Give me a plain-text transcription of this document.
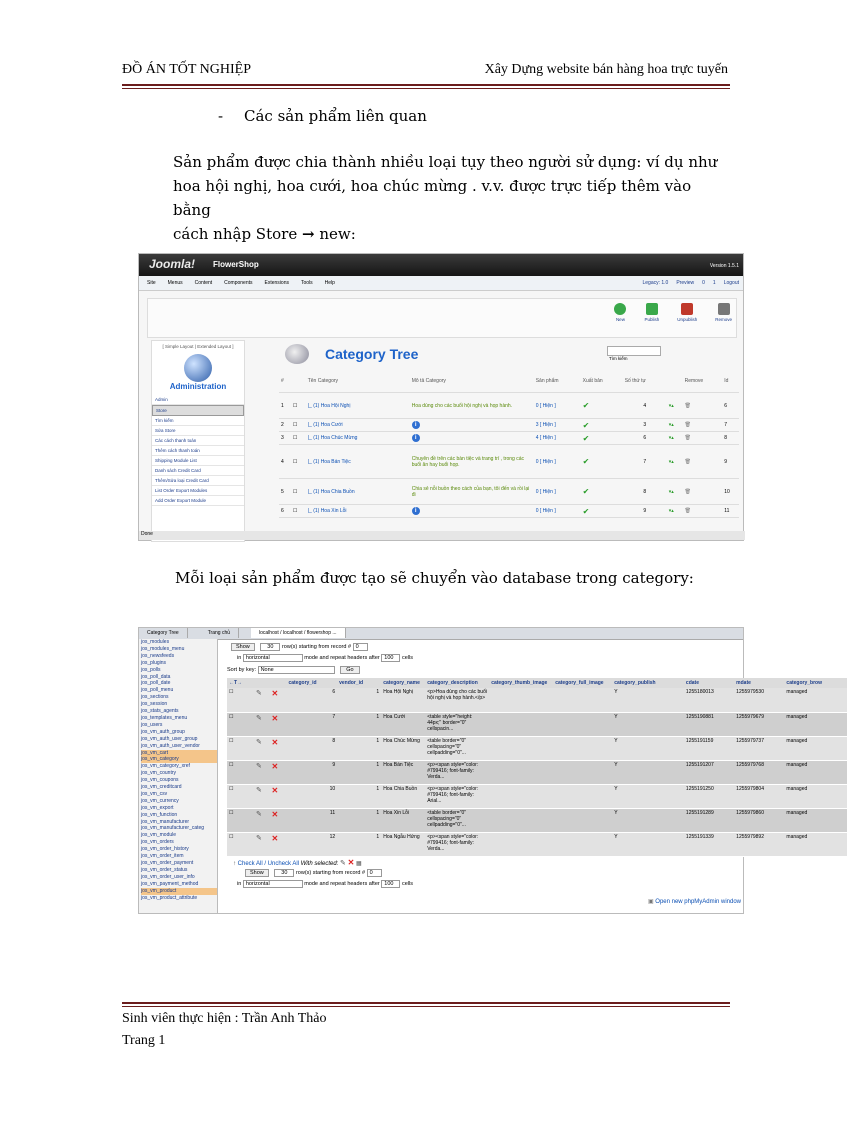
ĐỒ ÁN TỐT NGHIỆP	Xây Dựng website bán hàng hoa trực tuyến
- Các sản phẩm liên quan
Sản phẩm được chia thành nhiều loại tụy theo người sử dụng: ví dụ như
hoa hội nghị, hoa cưới, hoa chúc mừng . v.v. được trực tiếp thêm vào bằng
cách nhập Store → new:
Joomla! FlowerShop	Version 1.5.1
Site Menus Content Components Extensions Tools Help	Legacy: 1.0 Preview 0 1 Logout
New	Publish	Unpublish	Remove
[ Simple Layout | Extended Layout ]
Administration
Admin
Store
Tìm kiếm
Sửa Store
Các cách thanh toán
Thêm cách thanh toán
Shipping Module List
Danh sách Credit Card
Thêm/Sửa loại Credit Card
List Order Export Modules
Add Order Export Module
Category Tree	Tìm kiếm
#		Tên Category	Mô tả Category	Sản phẩm	Xuất bản	Số thứ tự		Remove	Id
1	☐	|_ (1) Hoa Hội Nghị	Hoa dùng cho các buổi hội nghị và họp hành.	0 [ Hiện ]	✔	4	▾▴	🗑	6
2	☐	|_ (1) Hoa Cưới	i	3 [ Hiện ]	✔	3	▾▴	🗑	7
3	☐	|_ (1) Hoa Chúc Mừng	i	4 [ Hiện ]	✔	6	▾▴	🗑	8
4	☐	|_ (1) Hoa Bán Tiệc	Chuyên đề trên các bàn tiệc và trang trí , trong các buổi ăn hay buổi họp.	0 [ Hiện ]	✔	7	▾▴	🗑	9
5	☐	|_ (1) Hoa Chia Buồn	Chia sẻ nỗi buồn theo cách của bạn, tôi đến và rồi lại đi	0 [ Hiện ]	✔	8	▾▴	🗑	10
6	☐	|_ (1) Hoa Xin Lỗi	i	0 [ Hiện ]	✔	9	▾▴	🗑	11
Done
Mỗi loại sản phẩm được tạo sẽ chuyển vào database trong category:
Category Tree	Trang chủ	localhost / localhost / flowershop ...
jos_modules
jos_modules_menu
jos_newsfeeds
jos_plugins
jos_polls
jos_poll_data
jos_poll_date
jos_poll_menu
jos_sections
jos_session
jos_stats_agents
jos_templates_menu
jos_users
jos_vm_auth_group
jos_vm_auth_user_group
jos_vm_auth_user_vendor
jos_vm_cart
jos_vm_category
jos_vm_category_xref
jos_vm_country
jos_vm_coupons
jos_vm_creditcard
jos_vm_csv
jos_vm_currency
jos_vm_export
jos_vm_function
jos_vm_manufacturer
jos_vm_manufacturer_categ
jos_vm_module
jos_vm_orders
jos_vm_order_history
jos_vm_order_item
jos_vm_order_payment
jos_vm_order_status
jos_vm_order_user_info
jos_vm_payment_method
jos_vm_product
jos_vm_product_attribute
Show	30 row(s) starting from record # 0
in horizontal	mode and repeat headers after 100 cells
Sort by key: None	Go
←T→			category_id	vendor_id	category_name	category_description	category_thumb_image	category_full_image	category_publish	cdate	mdate	category_brow
☐	✎	✕	6	1	Hoa Hội Nghị	<p>Hoa dùng cho các buổi hội nghị và họp hành.</p>			Y	1255180013	1255979530	managed
☐	✎	✕	7	1	Hoa Cưới	<table style="height: 44px;" border="0" cellspacin...			Y	1255190881	1255979679	managed
☐	✎	✕	8	1	Hoa Chúc Mừng	<table border="0" cellspacing="0" cellpadding="0"...			Y	1255191159	1255979737	managed
☐	✎	✕	9	1	Hoa Bán Tiệc	<p><span style="color: #799416; font-family: Verda...			Y	1255191207	1255979768	managed
☐	✎	✕	10	1	Hoa Chia Buồn	<p><span style="color: #799416; font-family: Arial...			Y	1255191250	1255979804	managed
☐	✎	✕	11	1	Hoa Xin Lỗi	<table border="0" cellspacing="0" cellpadding="0"...			Y	1255191289	1255979860	managed
☐	✎	✕	12	1	Hoa Ngẫu Hứng	<p><span style="color: #799416; font-family: Verda...			Y	1255191339	1255979892	managed
↑ Check All / Uncheck All With selected: ✎ ✕ ▦
Show	30 row(s) starting from record # 0
in horizontal	mode and repeat headers after 100 cells
▣ Open new phpMyAdmin window
Sinh viên thực hiện : Trần Anh Thảo
Trang 1
